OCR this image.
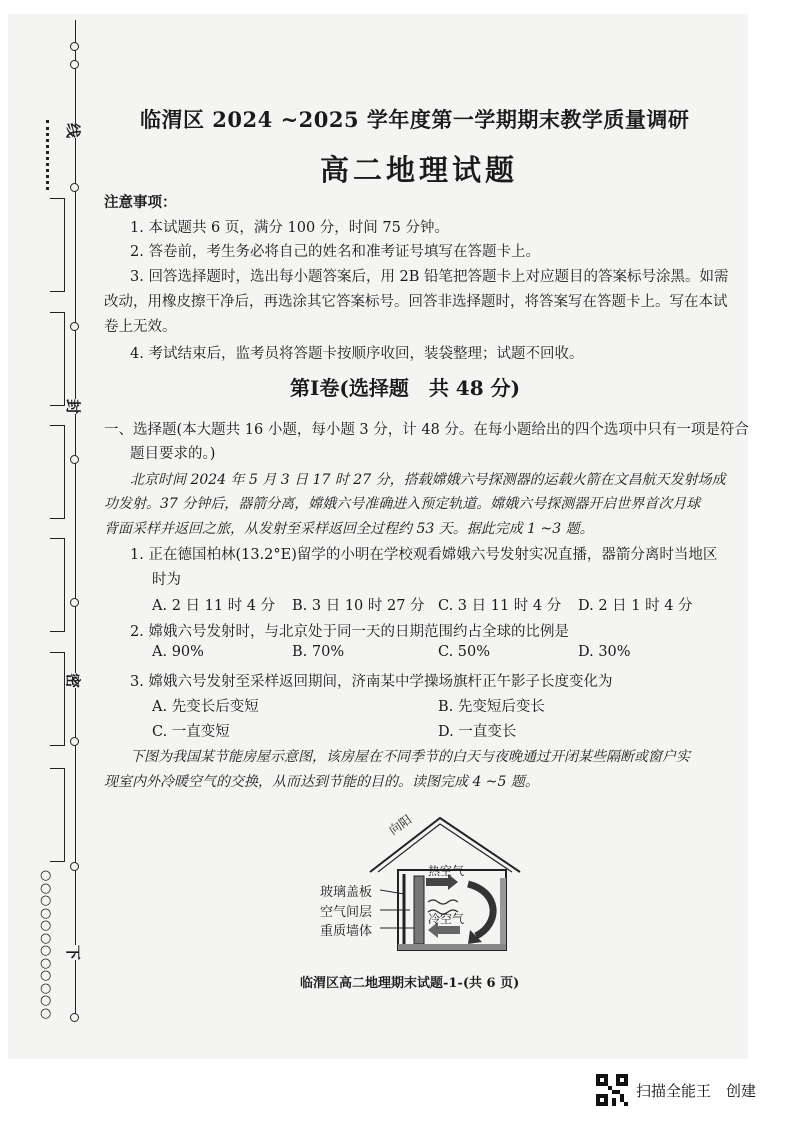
线
封
密
下
○
○
○
○
○
○
○
○
○
○
○
○
临渭区 2024 ~2025 学年度第一学期期末教学质量调研
高二地理试题
注意事项：
1. 本试题共 6 页，满分 100 分，时间 75 分钟。
2. 答卷前，考生务必将自己的姓名和准考证号填写在答题卡上。
3. 回答选择题时，选出每小题答案后，用 2B 铅笔把答题卡上对应题目的答案标号涂黑。如需
改动，用橡皮擦干净后，再选涂其它答案标号。回答非选择题时，将答案写在答题卡上。写在本试
卷上无效。
4. 考试结束后，监考员将答题卡按顺序收回，装袋整理；试题不回收。
第Ⅰ卷(选择题　共 48 分)
一、选择题(本大题共 16 小题，每小题 3 分，计 48 分。在每小题给出的四个选项中只有一项是符合
题目要求的。)
北京时间 2024 年 5 月 3 日 17 时 27 分，搭载嫦娥六号探测器的运载火箭在文昌航天发射场成
功发射。37 分钟后，器箭分离，嫦娥六号准确进入预定轨道。嫦娥六号探测器开启世界首次月球
背面采样并返回之旅，从发射至采样返回全过程约 53 天。据此完成 1 ~3 题。
1. 正在德国柏林(13.2°E)留学的小明在学校观看嫦娥六号发射实况直播，器箭分离时当地区
时为
A. 2 日 11 时 4 分 B. 3 日 10 时 27 分 C. 3 日 11 时 4 分 D. 2 日 1 时 4 分
2. 嫦娥六号发射时，与北京处于同一天的日期范围约占全球的比例是
A. 90%	B. 70%	C. 50%	D. 30%
3. 嫦娥六号发射至采样返回期间，济南某中学操场旗杆正午影子长度变化为
A. 先变长后变短	B. 先变短后变长
C. 一直变短	D. 一直变长
下图为我国某节能房屋示意图，该房屋在不同季节的白天与夜晚通过开闭某些隔断或窗户实
现室内外冷暖空气的交换，从而达到节能的目的。读图完成 4 ~5 题。
向阳
玻璃盖板
空气间层
重质墙体
热空气
冷空气
临渭区高二地理期末试题-1-(共 6 页)
扫描全能王　创建
